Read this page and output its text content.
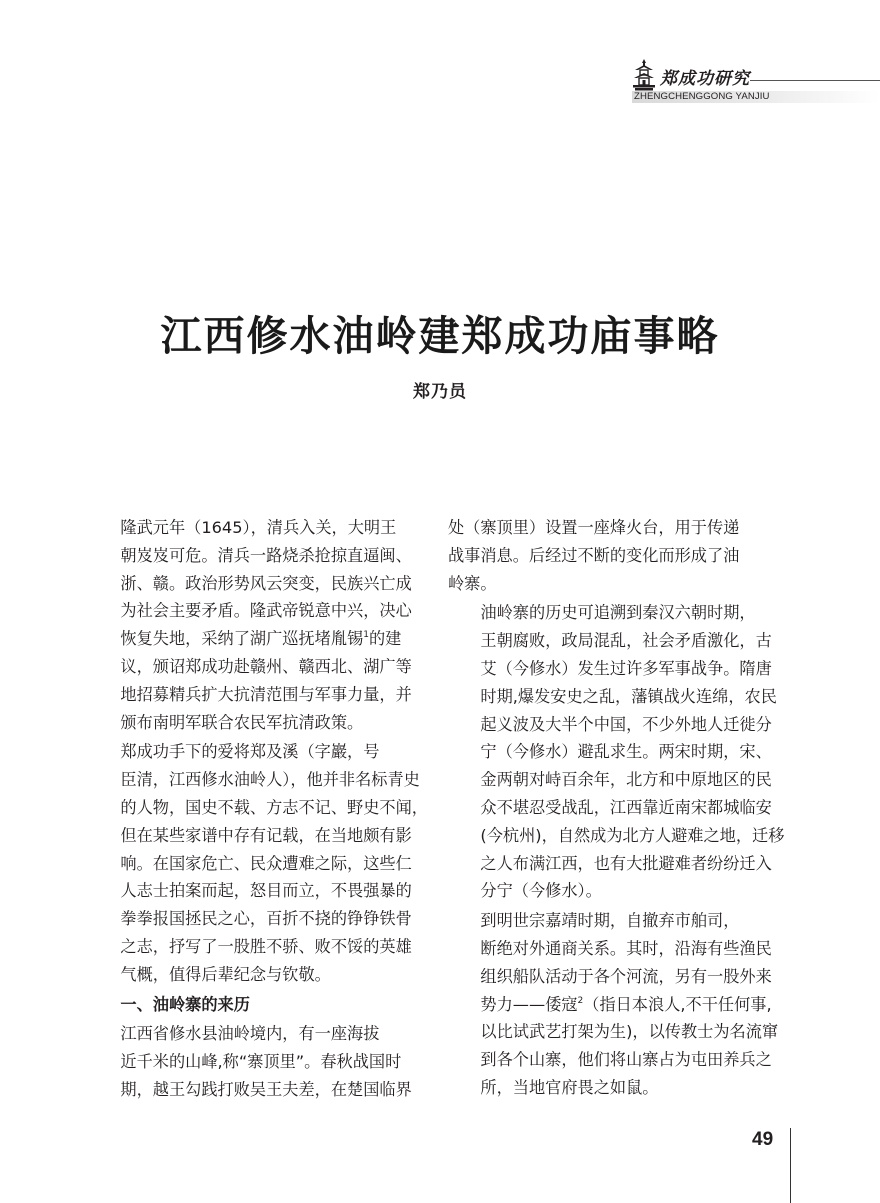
郑成功研究
ZHENGCHENGGONG YANJIU
江西修水油岭建郑成功庙事略
郑乃员

隆武元年（1645），清兵入关，大明王
朝岌岌可危。清兵一路烧杀抢掠直逼闽、
浙、赣。政治形势风云突变，民族兴亡成
为社会主要矛盾。隆武帝锐意中兴，决心
恢复失地，采纳了湖广巡抚堵胤锡$^1$的建
议，颁诏郑成功赴赣州、赣西北、湖广等
地招募精兵扩大抗清范围与军事力量，并
颁布南明军联合农民军抗清政策。

郑成功手下的爱将郑及溪（字巖，号
臣清，江西修水油岭人），他并非名标青史
的人物，国史不载、方志不记、野史不闻，
但在某些家谱中存有记载，在当地颇有影
响。在国家危亡、民众遭难之际，这些仁
人志士拍案而起，怒目而立，不畏强暴的
拳拳报国拯民之心，百折不挠的铮铮铁骨
之志，抒写了一股胜不骄、败不馁的英雄
气概，值得后辈纪念与钦敬。

一、油岭寨的来历

江西省修水县油岭境内，有一座海拔
近千米的山峰,称“寨顶里”。春秋战国时
期，越王勾践打败吴王夫差，在楚国临界

处（寨顶里）设置一座烽火台，用于传递
战事消息。后经过不断的变化而形成了油
岭寨。

油岭寨的历史可追溯到秦汉六朝时期，
王朝腐败，政局混乱，社会矛盾激化，古
艾（今修水）发生过许多军事战争。隋唐
时期,爆发安史之乱，藩镇战火连绵，农民
起义波及大半个中国，不少外地人迁徙分
宁（今修水）避乱求生。两宋时期，宋、
金两朝对峙百余年，北方和中原地区的民
众不堪忍受战乱，江西靠近南宋都城临安
(今杭州)，自然成为北方人避难之地，迁移
之人布满江西，也有大批避难者纷纷迁入
分宁（今修水）。

到明世宗嘉靖时期，自撤弃市舶司，
断绝对外通商关系。其时，沿海有些渔民
组织船队活动于各个河流，另有一股外来
势力——倭寇$^2$（指日本浪人,不干任何事,
以比试武艺打架为生)，以传教士为名流窜
到各个山寨，他们将山寨占为屯田养兵之
所，当地官府畏之如鼠。

49
